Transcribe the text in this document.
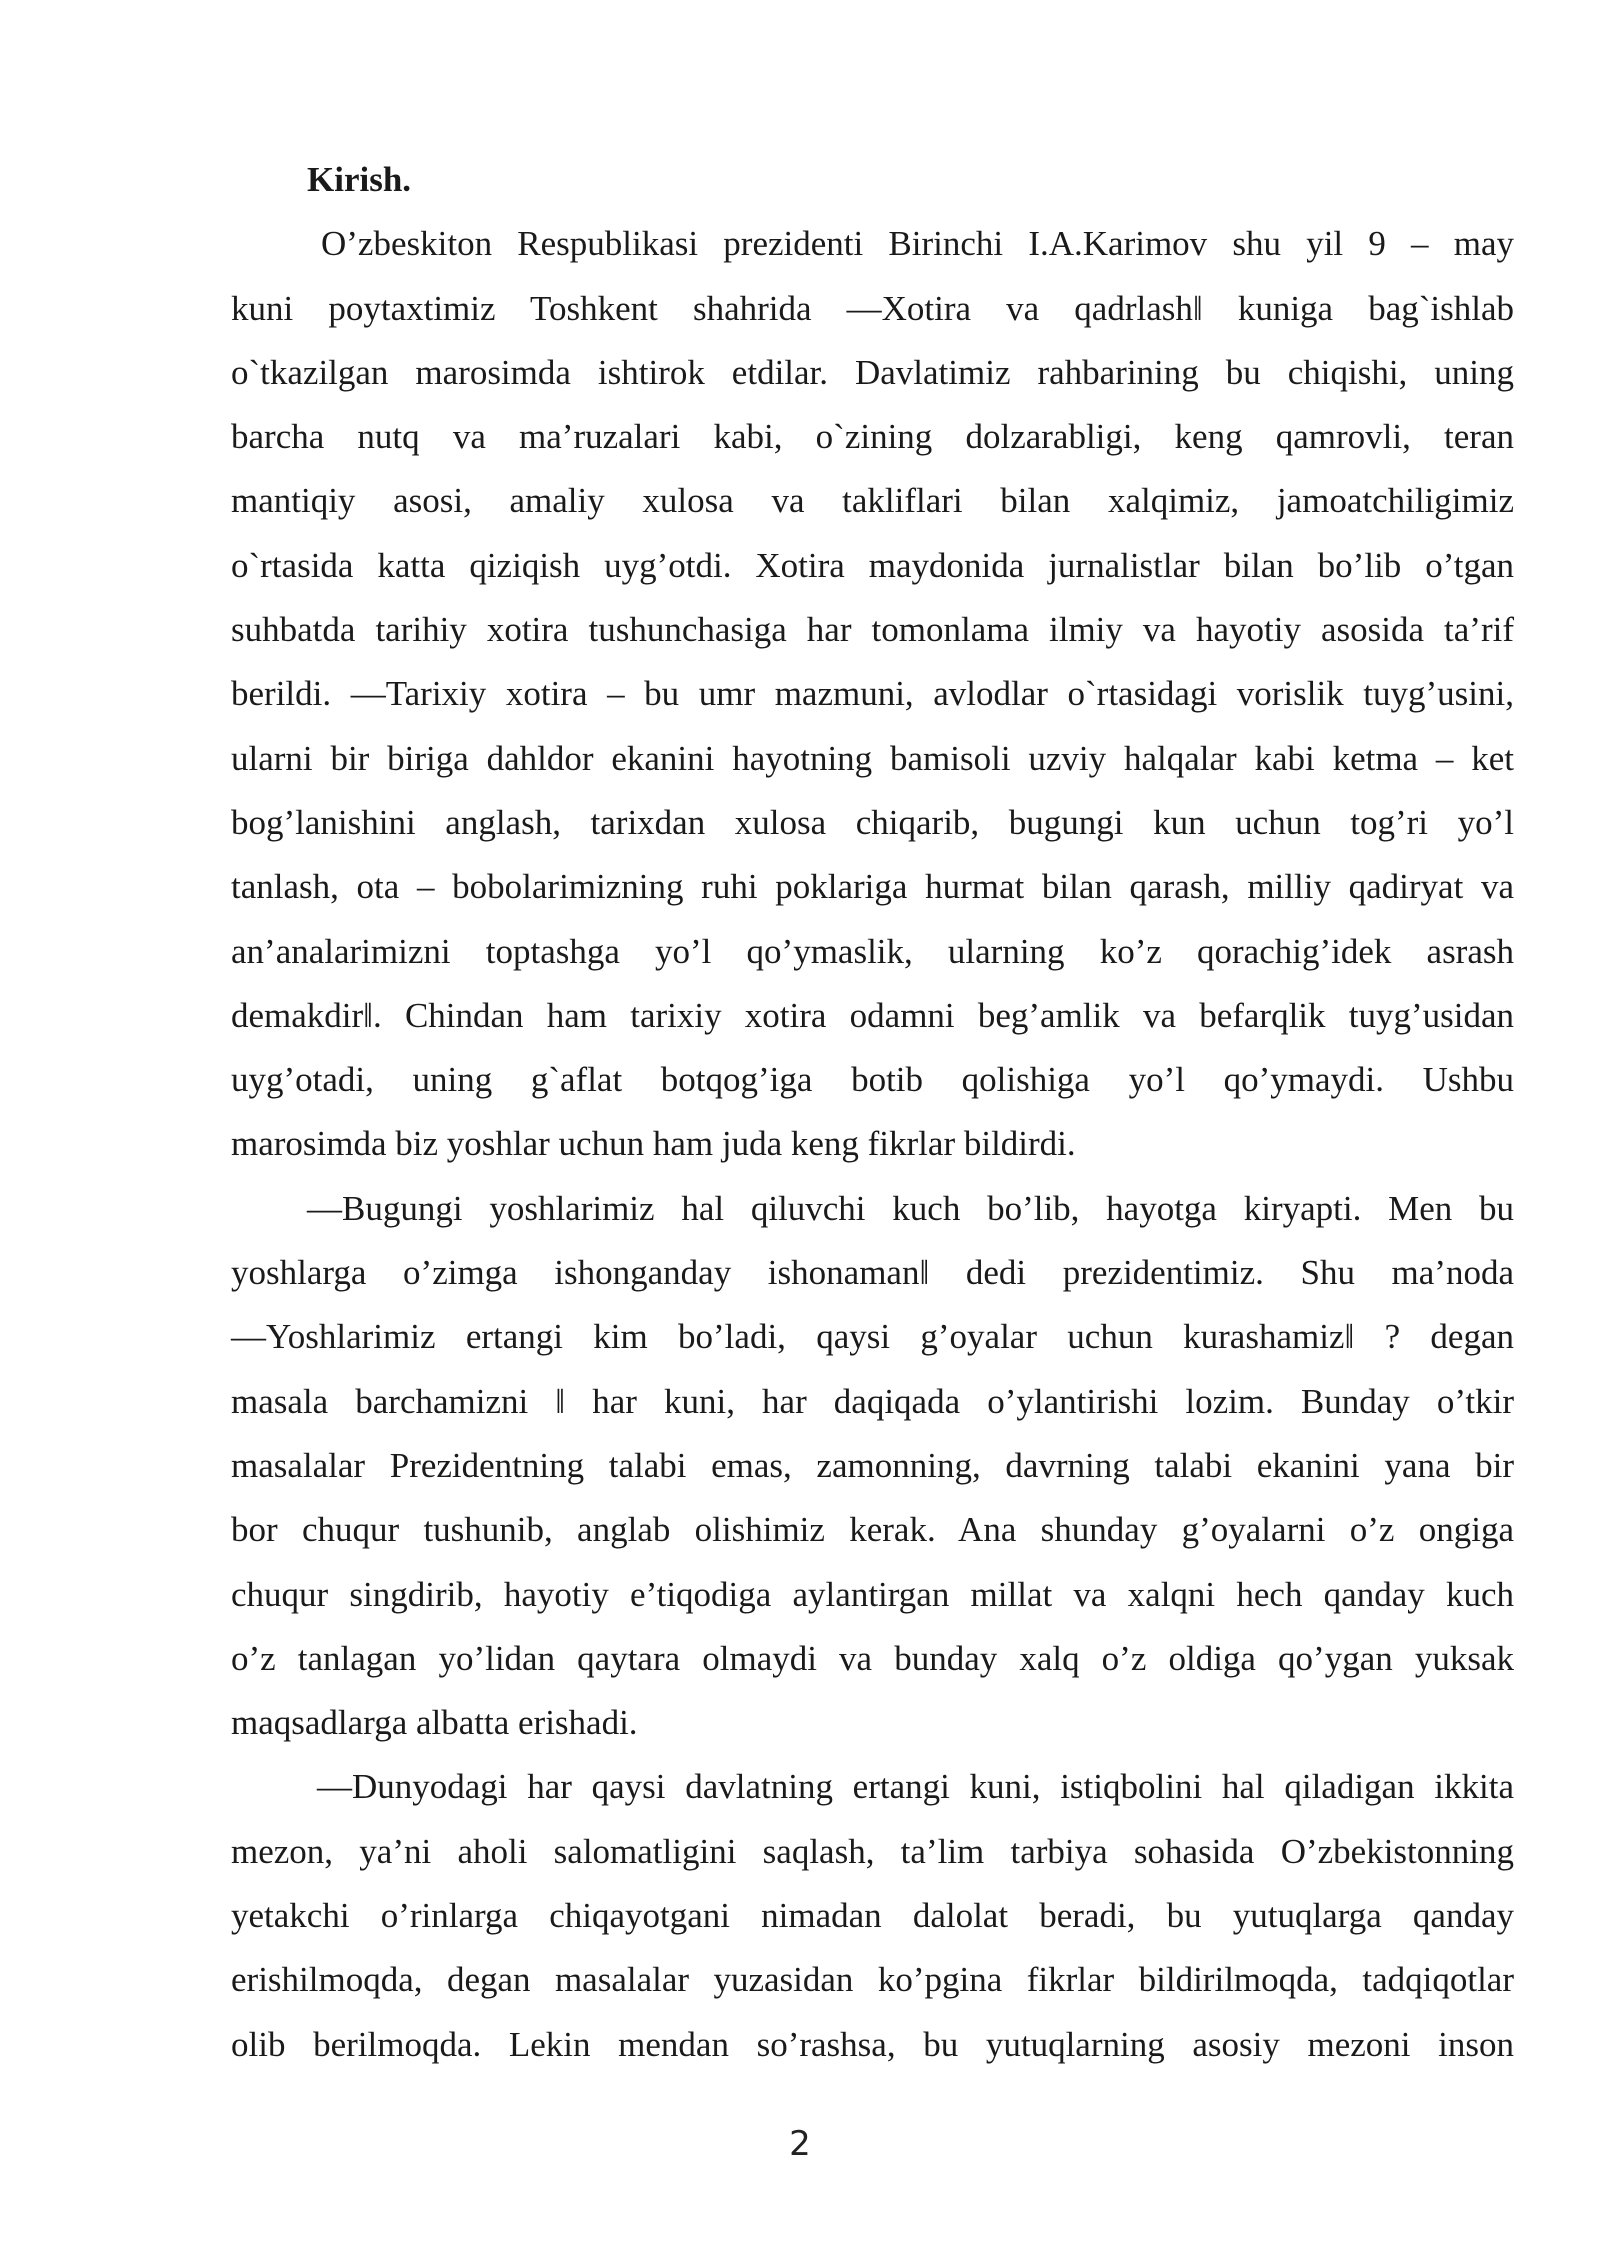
Kirish.
O’zbeskiton Respublikasi prezidenti Birinchi I.A.Karimov shu yil 9 – may
kuni poytaxtimiz Toshkent shahrida ―Xotira va qadrlash‖ kuniga bag`ishlab
o`tkazilgan marosimda ishtirok etdilar. Davlatimiz rahbarining bu chiqishi, uning
barcha nutq va ma’ruzalari kabi, o`zining dolzarabligi, keng qamrovli, teran
mantiqiy asosi, amaliy xulosa va takliflari bilan xalqimiz, jamoatchiligimiz
o`rtasida katta qiziqish uyg’otdi. Xotira maydonida jurnalistlar bilan bo’lib o’tgan
suhbatda tarihiy xotira tushunchasiga har tomonlama ilmiy va hayotiy asosida ta’rif
berildi. ―Tarixiy xotira – bu umr mazmuni, avlodlar o`rtasidagi vorislik tuyg’usini,
ularni bir biriga dahldor ekanini hayotning bamisoli uzviy halqalar kabi ketma – ket
bog’lanishini anglash, tarixdan xulosa chiqarib, bugungi kun uchun tog’ri yo’l
tanlash, ota – bobolarimizning ruhi poklariga hurmat bilan qarash, milliy qadiryat va
an’analarimizni toptashga yo’l qo’ymaslik, ularning ko’z qorachig’idek asrash
demakdir‖. Chindan ham tarixiy xotira odamni beg’amlik va befarqlik tuyg’usidan
uyg’otadi, uning g`aflat botqog’iga botib qolishiga yo’l qo’ymaydi. Ushbu
marosimda biz yoshlar uchun ham juda keng fikrlar bildirdi.
―Bugungi yoshlarimiz hal qiluvchi kuch bo’lib, hayotga kiryapti. Men bu
yoshlarga o’zimga ishonganday ishonaman‖ dedi prezidentimiz. Shu ma’noda
―Yoshlarimiz ertangi kim bo’ladi, qaysi g’oyalar uchun kurashamiz‖ ? degan
masala barchamizni ‖ har kuni, har daqiqada o’ylantirishi lozim. Bunday o’tkir
masalalar Prezidentning talabi emas, zamonning, davrning talabi ekanini yana bir
bor chuqur tushunib, anglab olishimiz kerak. Ana shunday g’oyalarni o’z ongiga
chuqur singdirib, hayotiy e’tiqodiga aylantirgan millat va xalqni hech qanday kuch
o’z tanlagan yo’lidan qaytara olmaydi va bunday xalq o’z oldiga qo’ygan yuksak
maqsadlarga albatta erishadi.
―Dunyodagi har qaysi davlatning ertangi kuni, istiqbolini hal qiladigan ikkita
mezon, ya’ni aholi salomatligini saqlash, ta’lim tarbiya sohasida O’zbekistonning
yetakchi o’rinlarga chiqayotgani nimadan dalolat beradi, bu yutuqlarga qanday
erishilmoqda, degan masalalar yuzasidan ko’pgina fikrlar bildirilmoqda, tadqiqotlar
olib berilmoqda. Lekin mendan so’rashsa, bu yutuqlarning asosiy mezoni inson
2
